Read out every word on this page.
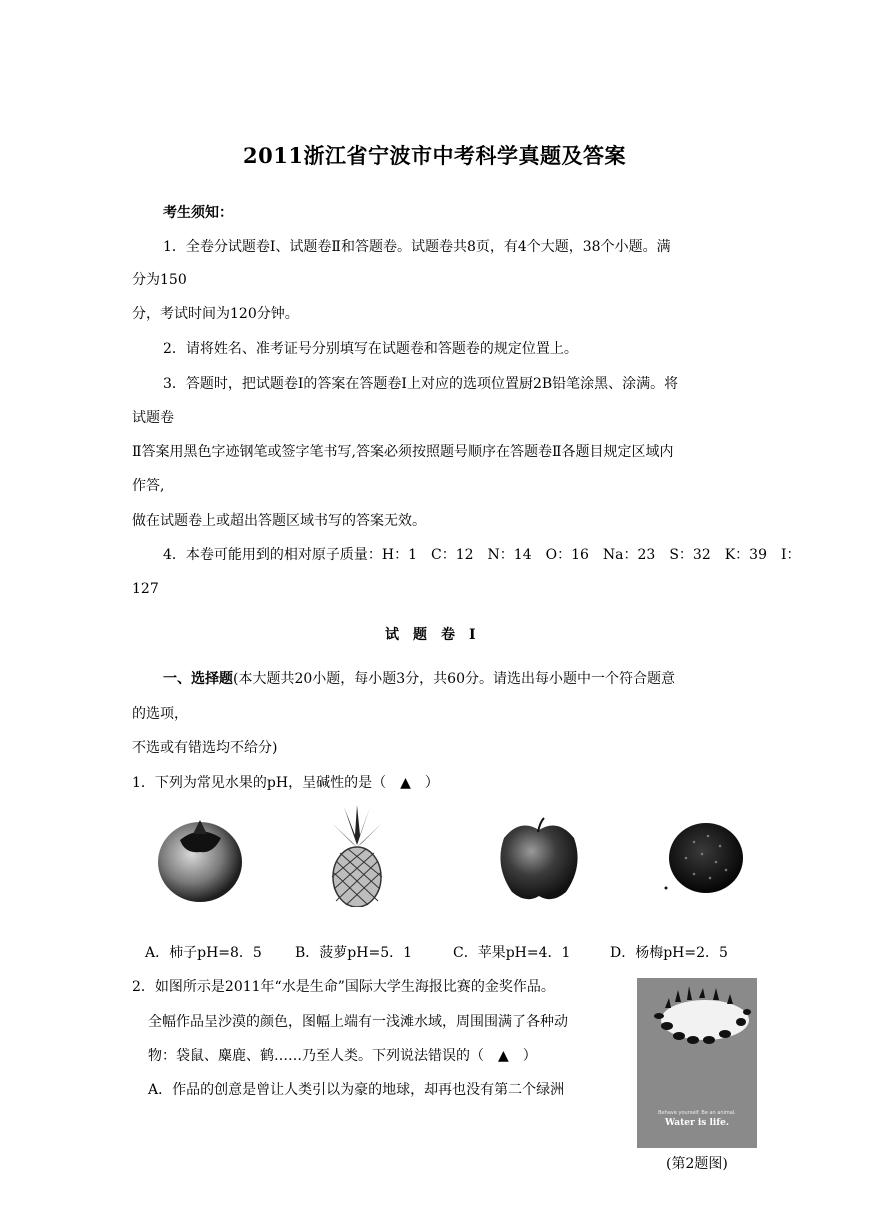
2011浙江省宁波市中考科学真题及答案
考生须知：
1．全卷分试题卷Ⅰ、试题卷Ⅱ和答题卷。试题卷共8页，有4个大题，38个小题。满
分为150
分，考试时间为120分钟。
2．请将姓名、准考证号分别填写在试题卷和答题卷的规定位置上。
3．答题时，把试题卷Ⅰ的答案在答题卷Ⅰ上对应的选项位置厨2B铅笔涂黑、涂满。将
试题卷
Ⅱ答案用黑色字迹钢笔或签字笔书写,答案必须按照题号顺序在答题卷Ⅱ各题目规定区域内
作答,
做在试题卷上或超出答题区域书写的答案无效。
4．本卷可能用到的相对原子质量：H：1　C：12　N：14　O：16　Na：23　S：32　K：39　I：
127
试　题　卷　Ⅰ
一、选择题(本大题共20小题，每小题3分，共60分。请选出每小题中一个符合题意
的选项，
不选或有错选均不给分)
1．下列为常见水果的pH，呈碱性的是（　▲　）
A．柿子pH=8．5 B．菠萝pH=5．1	C．苹果pH=4．1	D．杨梅pH=2．5
2．如图所示是2011年“水是生命”国际大学生海报比赛的金奖作品。
全幅作品呈沙漠的颜色，图幅上端有一浅滩水域，周围围满了各种动
物：袋鼠、麋鹿、鹤……乃至人类。下列说法错误的（　▲　）
A．作品的创意是曾让人类引以为豪的地球，却再也没有第二个绿洲
Behave yourself. Be an animal.
Water is life.
(第2题图)
